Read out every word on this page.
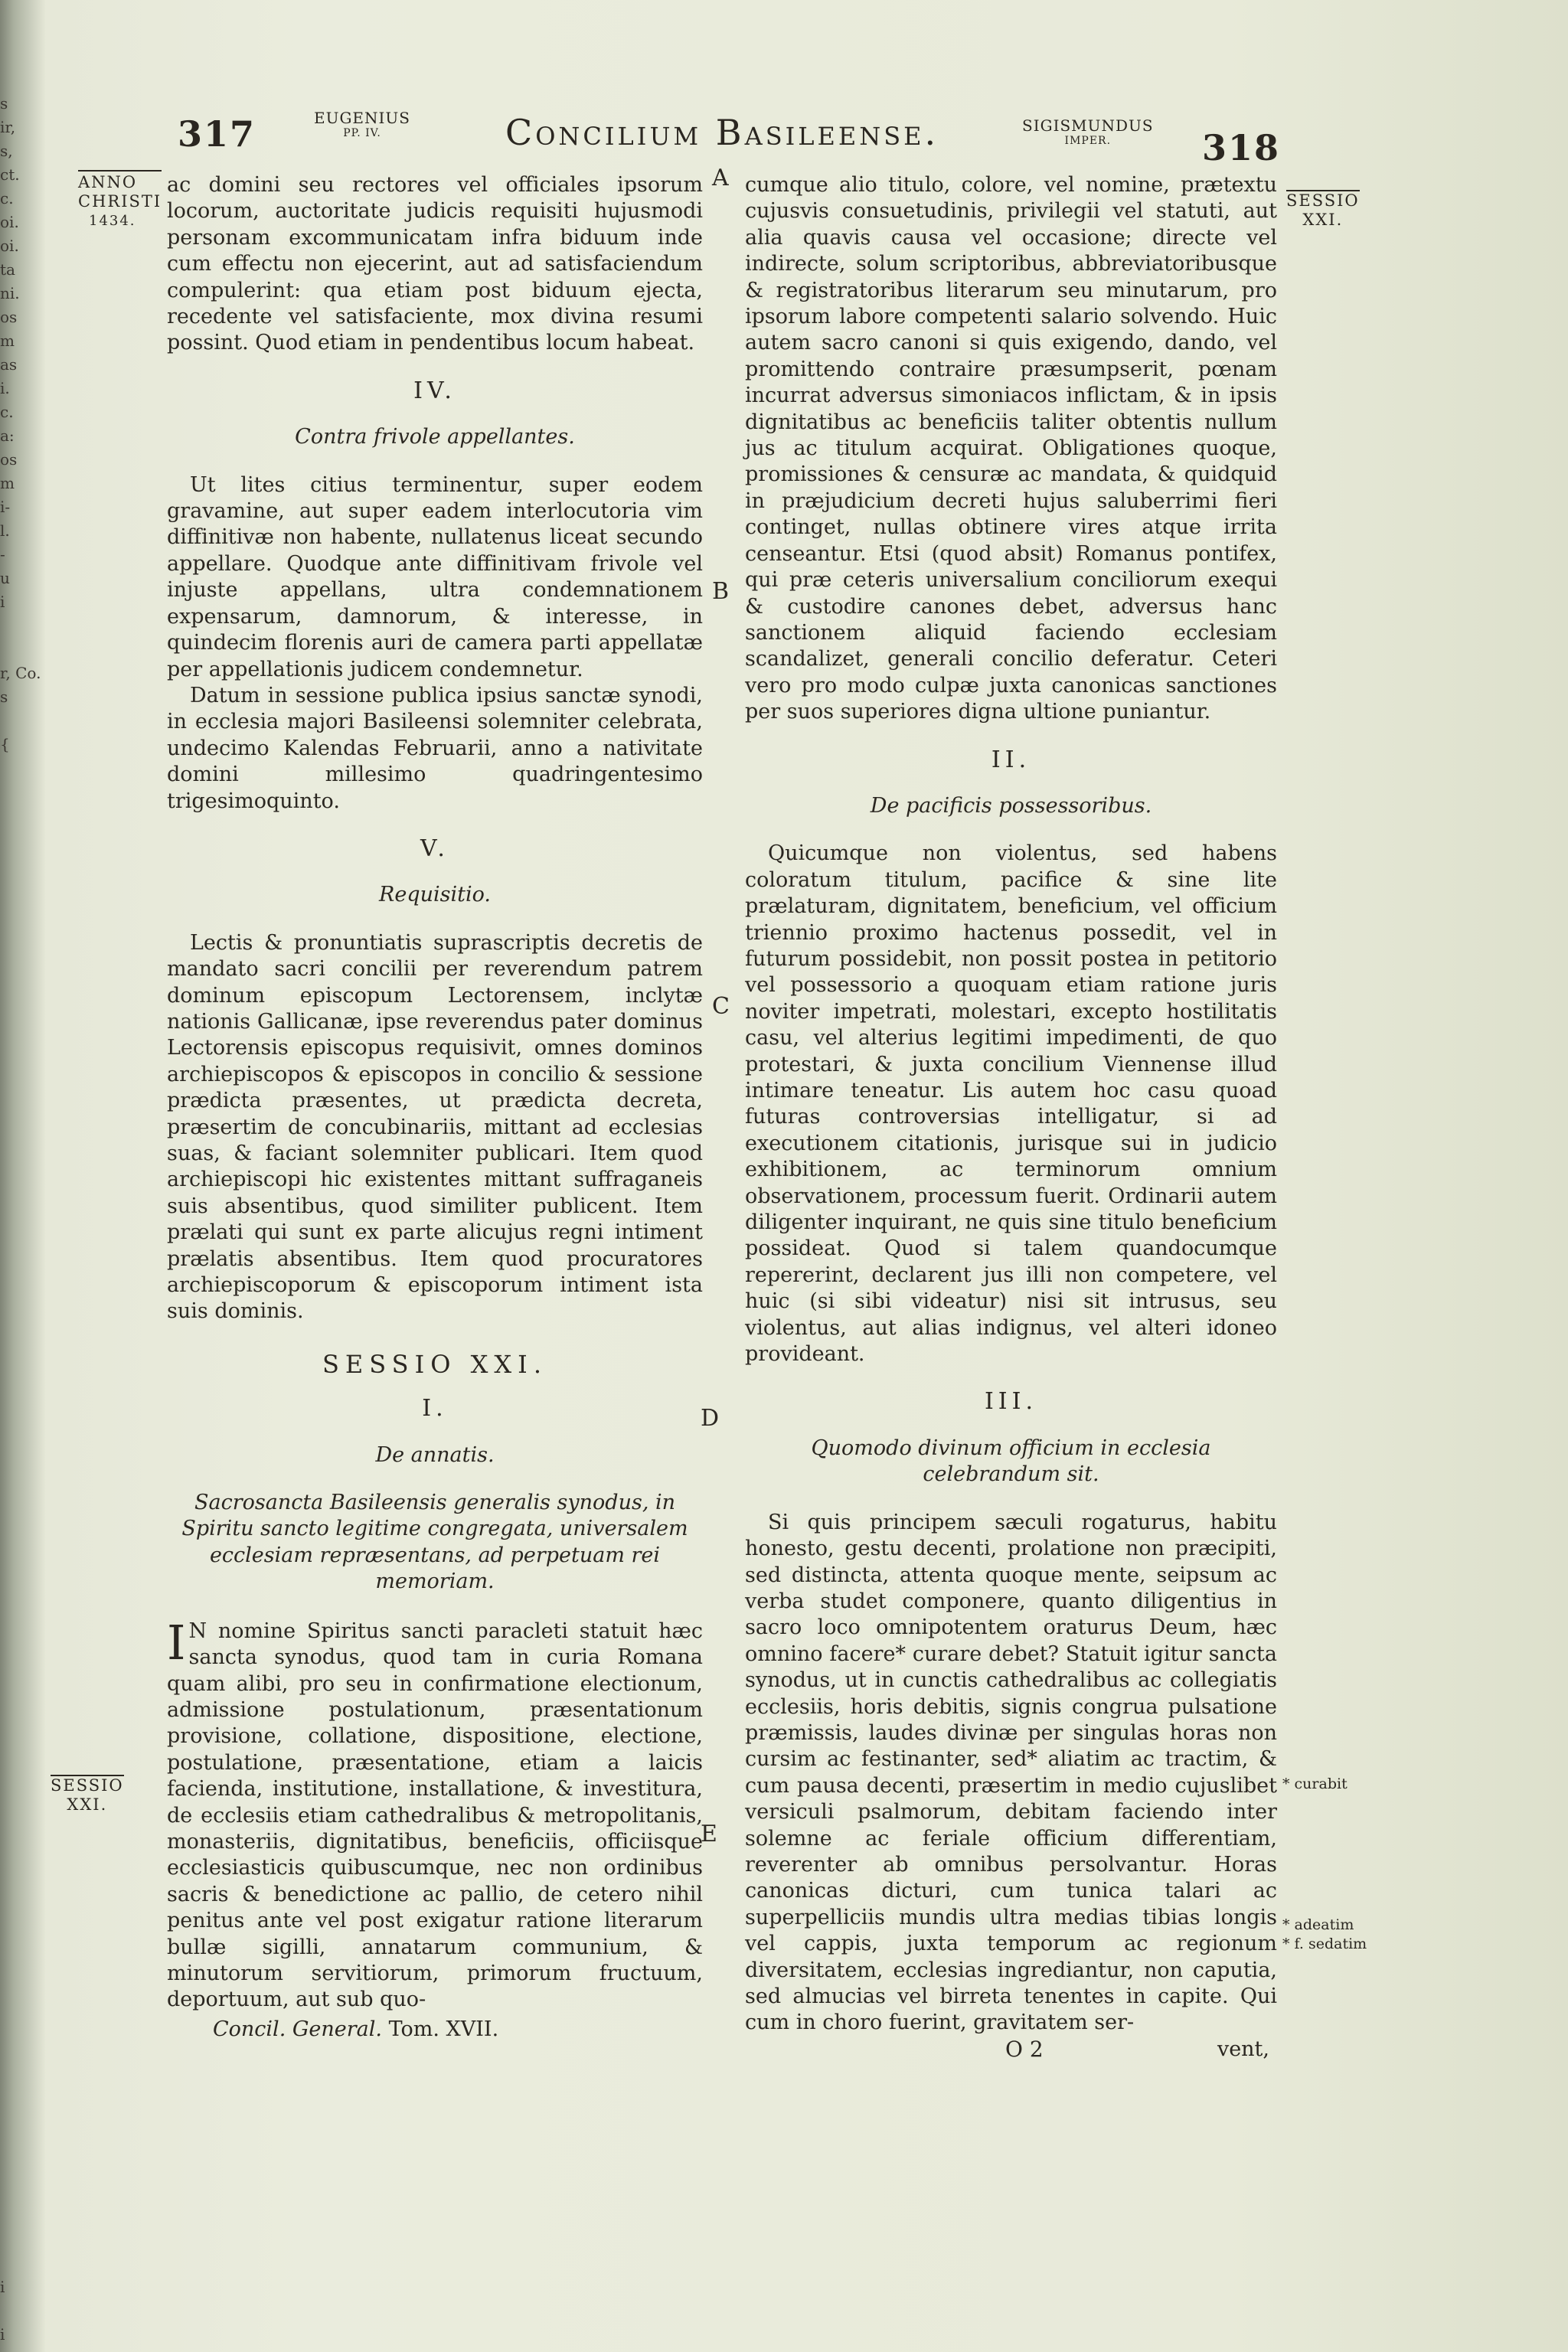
s
ir,
s,
ct.
c.
oi.
oi.
ta
ni.
os
m
as
i.
c.
a:
os
m
i-
l.
-
u
i

r, Co.
s

{

i

i
317	EUGENIUS
PP. IV.	Concilium Basileense.	SIGISMUNDUS
IMPER.	318
ANNO
CHRISTI
1434.
SESSIO
XXI.
SESSIO
XXI.
A
B
C
D
E
* curabit
* adeatim
* f. sedatim

ac domini seu rectores vel officiales ipsorum locorum, auctoritate judicis requisiti hujusmodi personam excommunicatam infra biduum inde cum effectu non ejecerint, aut ad satisfaciendum compulerint: qua etiam post biduum ejecta, recedente vel satisfaciente, mox divina resumi possint. Quod etiam in pendentibus locum habeat.

IV.
Contra frivole appellantes.

Ut lites citius terminentur, super eodem gravamine, aut super eadem interlocutoria vim diffinitivæ non habente, nullatenus liceat secundo appellare. Quodque ante diffinitivam frivole vel injuste appellans, ultra condemnationem expensarum, damnorum, & interesse, in quindecim florenis auri de camera parti appellatæ per appellationis judicem condemnetur.

Datum in sessione publica ipsius sanctæ synodi, in ecclesia majori Basileensi solemniter celebrata, undecimo Kalendas Februarii, anno a nativitate domini millesimo quadringentesimo trigesimoquinto.

V.
Requisitio.

Lectis & pronuntiatis suprascriptis decretis de mandato sacri concilii per reverendum patrem dominum episcopum Lectorensem, inclytæ nationis Gallicanæ, ipse reverendus pater dominus Lectorensis episcopus requisivit, omnes dominos archiepiscopos & episcopos in concilio & sessione prædicta præsentes, ut prædicta decreta, præsertim de concubinariis, mittant ad ecclesias suas, & faciant solemniter publicari. Item quod archiepiscopi hic existentes mittant suffraganeis suis absentibus, quod similiter publicent. Item prælati qui sunt ex parte alicujus regni intiment prælatis absentibus. Item quod procuratores archiepiscoporum & episcoporum intiment ista suis dominis.

SESSIO XXI.
I.
De annatis.
Sacrosancta Basileensis generalis synodus, in Spiritu sancto legitime congregata, universalem ecclesiam repræsentans, ad perpetuam rei memoriam.

I N nomine Spiritus sancti paracleti statuit hæc sancta synodus, quod tam in curia Romana quam alibi, pro seu in confirmatione electionum, admissione postulationum, præsentationum provisione, collatione, dispositione, electione, postulatione, præsentatione, etiam a laicis facienda, institutione, installatione, & investitura, de ecclesiis etiam cathedralibus & metropolitanis, monasteriis, dignitatibus, beneficiis, officiisque ecclesiasticis quibuscumque, nec non ordinibus sacris & benedictione ac pallio, de cetero nihil penitus ante vel post exigatur ratione literarum bullæ sigilli, annatarum communium, & minutorum servitiorum, primorum fructuum, deportuum, aut sub quo-

Concil. General. Tom. XVII.

cumque alio titulo, colore, vel nomine, prætextu cujusvis consuetudinis, privilegii vel statuti, aut alia quavis causa vel occasione; directe vel indirecte, solum scriptoribus, abbreviatoribusque & registratoribus literarum seu minutarum, pro ipsorum labore competenti salario solvendo. Huic autem sacro canoni si quis exigendo, dando, vel promittendo contraire præsumpserit, pœnam incurrat adversus simoniacos inflictam, & in ipsis dignitatibus ac beneficiis taliter obtentis nullum jus ac titulum acquirat. Obligationes quoque, promissiones & censuræ ac mandata, & quidquid in præjudicium decreti hujus saluberrimi fieri continget, nullas obtinere vires atque irrita censeantur. Etsi (quod absit) Romanus pontifex, qui præ ceteris universalium conciliorum exequi & custodire canones debet, adversus hanc sanctionem aliquid faciendo ecclesiam scandalizet, generali concilio deferatur. Ceteri vero pro modo culpæ juxta canonicas sanctiones per suos superiores digna ultione puniantur.

II.
De pacificis possessoribus.

Quicumque non violentus, sed habens coloratum titulum, pacifice & sine lite prælaturam, dignitatem, beneficium, vel officium triennio proximo hactenus possedit, vel in futurum possidebit, non possit postea in petitorio vel possessorio a quoquam etiam ratione juris noviter impetrati, molestari, excepto hostilitatis casu, vel alterius legitimi impedimenti, de quo protestari, & juxta concilium Viennense illud intimare teneatur. Lis autem hoc casu quoad futuras controversias intelligatur, si ad executionem citationis, jurisque sui in judicio exhibitionem, ac terminorum omnium observationem, processum fuerit. Ordinarii autem diligenter inquirant, ne quis sine titulo beneficium possideat. Quod si talem quandocumque repererint, declarent jus illi non competere, vel huic (si sibi videatur) nisi sit intrusus, seu violentus, aut alias indignus, vel alteri idoneo provideant.

III.
Quomodo divinum officium in ecclesia celebrandum sit.

Si quis principem sæculi rogaturus, habitu honesto, gestu decenti, prolatione non præcipiti, sed distincta, attenta quoque mente, seipsum ac verba studet componere, quanto diligentius in sacro loco omnipotentem oraturus Deum, hæc omnino facere* curare debet? Statuit igitur sancta synodus, ut in cunctis cathedralibus ac collegiatis ecclesiis, horis debitis, signis congrua pulsatione præmissis, laudes divinæ per singulas horas non cursim ac festinanter, sed* aliatim ac tractim, & cum pausa decenti, præsertim in medio cujuslibet versiculi psalmorum, debitam faciendo inter solemne ac feriale officium differentiam, reverenter ab omnibus persolvantur. Horas canonicas dicturi, cum tunica talari ac superpelliciis mundis ultra medias tibias longis vel cappis, juxta temporum ac regionum diversitatem, ecclesias ingrediantur, non caputia, sed almucias vel birreta tenentes in capite. Qui cum in choro fuerint, gravitatem ser-

O 2	vent,
